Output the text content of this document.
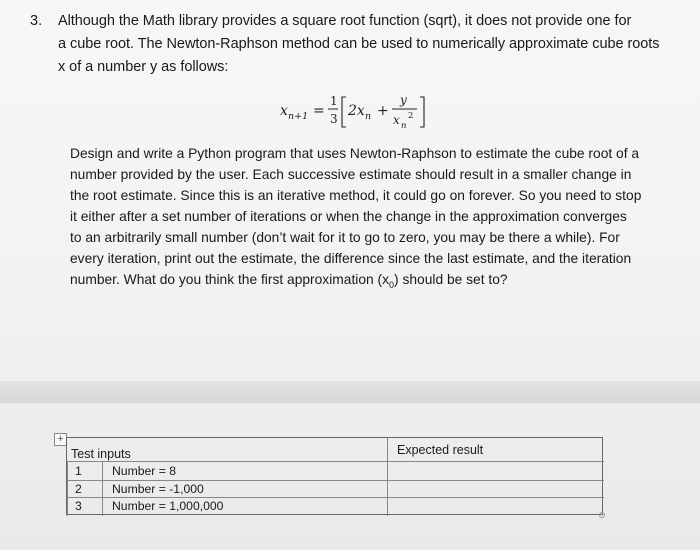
3. Although the Math library provides a square root function (sqrt), it does not provide one for
a cube root. The Newton-Raphson method can be used to numerically approximate cube roots
x of a number y as follows:
x n+1 =
1
3 2x n +
y
x n
2
Design and write a Python program that uses Newton-Raphson to estimate the cube root of a
number provided by the user. Each successive estimate should result in a smaller change in
the root estimate. Since this is an iterative method, it could go on forever. So you need to stop
it either after a set number of iterations or when the change in the approximation converges
to an arbitrarily small number (don’t wait for it to go to zero, you may be there a while). For
every iteration, print out the estimate, the difference since the last estimate, and the iteration
number. What do you think the first approximation $(x_0)$ should be set to?
+
Test inputs	Expected result
1 Number = 8
2 Number = -1,000
3 Number = 1,000,000
